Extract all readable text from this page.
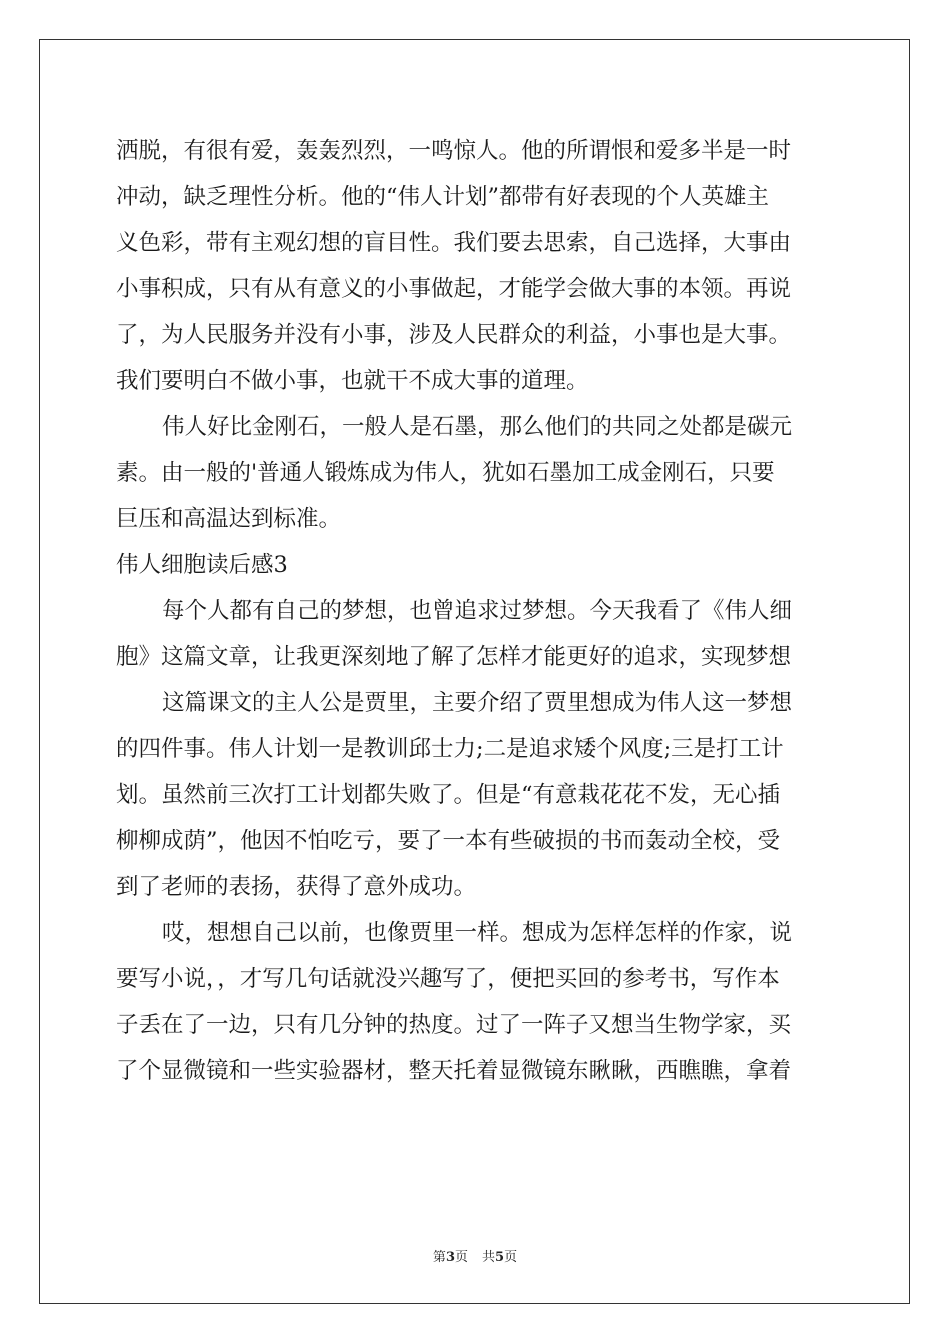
洒脱，有很有爱，轰轰烈烈，一鸣惊人。他的所谓恨和爱多半是一时
冲动，缺乏理性分析。他的“伟人计划”都带有好表现的个人英雄主
义色彩，带有主观幻想的盲目性。我们要去思索，自己选择，大事由
小事积成，只有从有意义的小事做起，才能学会做大事的本领。再说
了，为人民服务并没有小事，涉及人民群众的利益，小事也是大事。
我们要明白不做小事，也就干不成大事的道理。
伟人好比金刚石，一般人是石墨，那么他们的共同之处都是碳元
素。由一般的'普通人锻炼成为伟人，犹如石墨加工成金刚石，只要
巨压和高温达到标准。
伟人细胞读后感3
每个人都有自己的梦想，也曾追求过梦想。今天我看了《伟人细
胞》这篇文章，让我更深刻地了解了怎样才能更好的追求，实现梦想
这篇课文的主人公是贾里，主要介绍了贾里想成为伟人这一梦想
的四件事。伟人计划一是教训邱士力;二是追求矮个风度;三是打工计
划。虽然前三次打工计划都失败了。但是“有意栽花花不发，无心插
柳柳成荫”，他因不怕吃亏，要了一本有些破损的书而轰动全校，受
到了老师的表扬，获得了意外成功。
哎，想想自己以前，也像贾里一样。想成为怎样怎样的作家，说
要写小说，，才写几句话就没兴趣写了，便把买回的参考书，写作本
子丢在了一边，只有几分钟的热度。过了一阵子又想当生物学家，买
了个显微镜和一些实验器材，整天托着显微镜东瞅瞅，西瞧瞧，拿着
第3页 共5页
